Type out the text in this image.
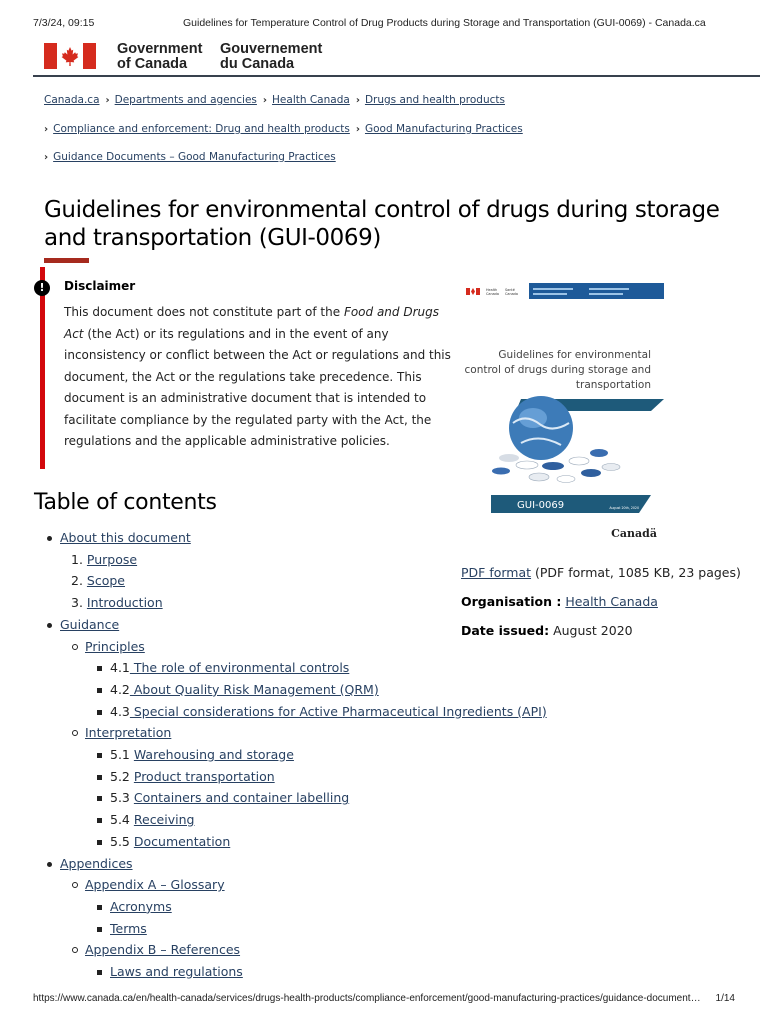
7/3/24, 09:15	Guidelines for Temperature Control of Drug Products during Storage and Transportation (GUI-0069) - Canada.ca
Government
of Canada
Gouvernement
du Canada
Canada.ca › Departments and agencies › Health Canada › Drugs and health products
› Compliance and enforcement: Drug and health products › Good Manufacturing Practices
› Guidance Documents – Good Manufacturing Practices
Guidelines for environmental control of drugs during storage and transportation (GUI-0069)
!	Disclaimer
This document does not constitute part of the Food and Drugs Act (the Act) or its regulations and in the event of any inconsistency or conflict between the Act or regulations and this document, the Act or the regulations take precedence. This document is an administrative document that is intended to facilitate compliance by the regulated party with the Act, the regulations and the applicable administrative policies.
Health
Canada
Santé
Canada
Guidelines for environmental
control of drugs during storage and
transportation
GUI-0069	August 20th, 2020
Canadä
PDF format (PDF format, 1085 KB, 23 pages)
Organisation : Health Canada
Date issued: August 2020
Table of contents
About this document
1. Purpose
2. Scope
3. Introduction
Guidance
Principles
4.1 The role of environmental controls
4.2 About Quality Risk Management (QRM)
4.3 Special considerations for Active Pharmaceutical Ingredients (API)
Interpretation
5.1 Warehousing and storage
5.2 Product transportation
5.3 Containers and container labelling
5.4 Receiving
5.5 Documentation
Appendices
Appendix A – Glossary
Acronyms
Terms
Appendix B – References
Laws and regulations
https://www.canada.ca/en/health-canada/services/drugs-health-products/compliance-enforcement/good-manufacturing-practices/guidance-document… 1/14
